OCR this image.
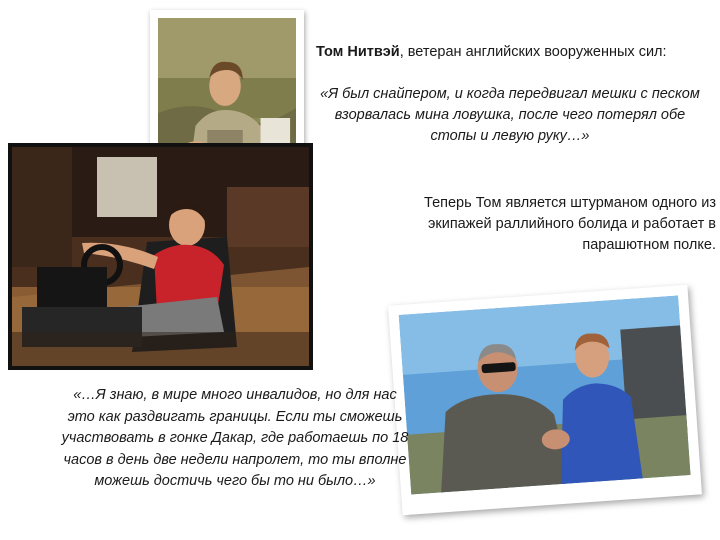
Том Нитвэй, ветеран английских вооруженных сил:
«Я был снайпером, и когда передвигал мешки с песком взорвалась мина ловушка, после чего потерял обе стопы и левую руку…»
Теперь Том является штурманом одного из экипажей раллийного болида и работает в парашютном полке.
«…Я знаю, в мире много инвалидов, но для нас это как раздвигать границы. Если ты сможешь участвовать в гонке Дакар, где работаешь по 18 часов в день две недели напролет, то ты вполне можешь достичь чего бы то ни было…»
